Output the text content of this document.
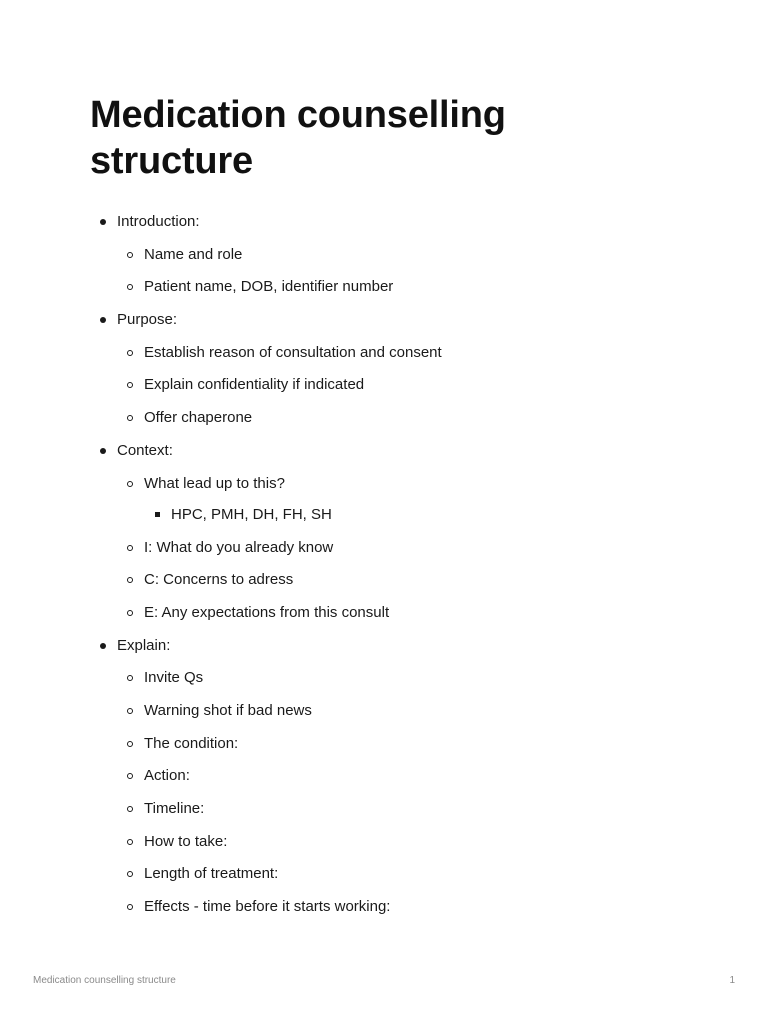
Medication counselling structure
Introduction:
Name and role
Patient name, DOB, identifier number
Purpose:
Establish reason of consultation and consent
Explain confidentiality if indicated
Offer chaperone
Context:
What lead up to this?
HPC, PMH, DH, FH, SH
I: What do you already know
C: Concerns to adress
E: Any expectations from this consult
Explain:
Invite Qs
Warning shot if bad news
The condition:
Action:
Timeline:
How to take:
Length of treatment:
Effects - time before it starts working:
Medication counselling structure	1
